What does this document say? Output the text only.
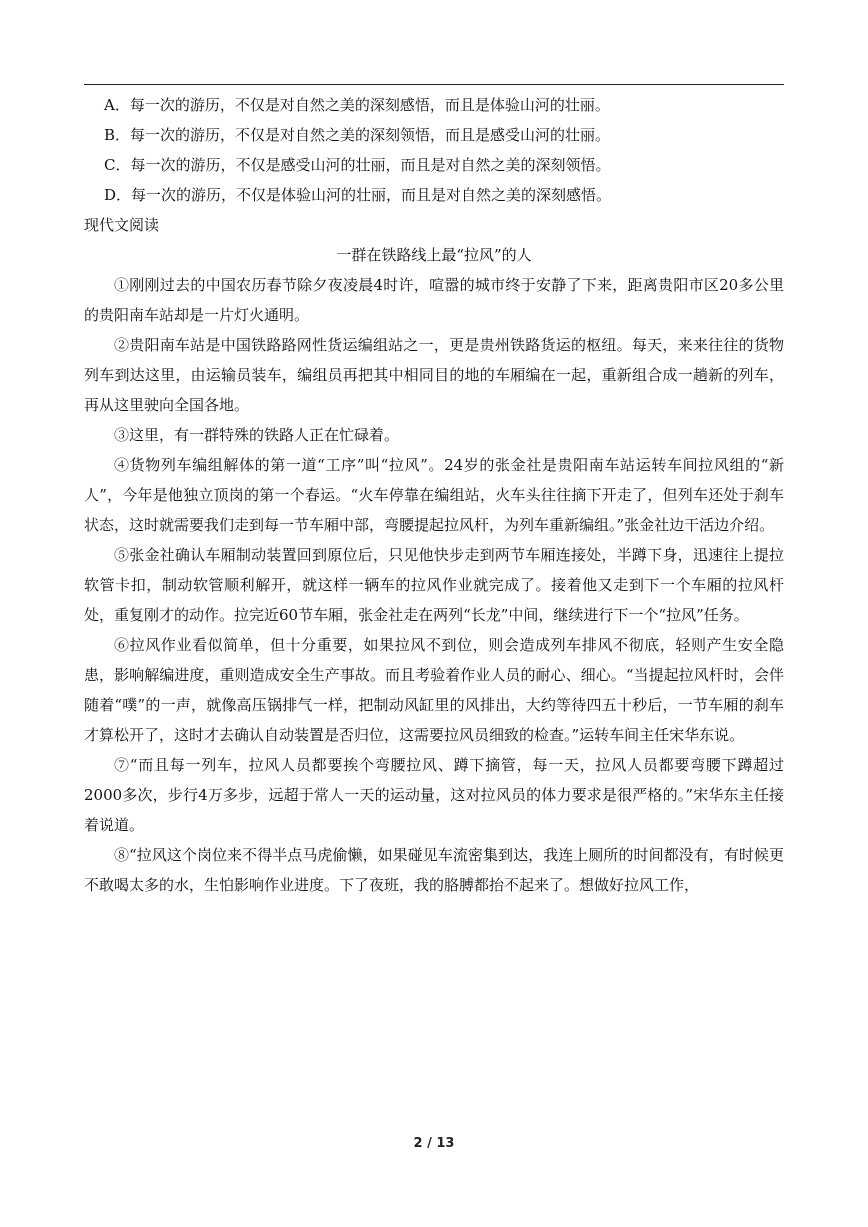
A．每一次的游历，不仅是对自然之美的深刻感悟，而且是体验山河的壮丽。
B．每一次的游历，不仅是对自然之美的深刻领悟，而且是感受山河的壮丽。
C．每一次的游历，不仅是感受山河的壮丽，而且是对自然之美的深刻领悟。
D．每一次的游历，不仅是体验山河的壮丽，而且是对自然之美的深刻感悟。
现代文阅读
一群在铁路线上最“拉风”的人
①刚刚过去的中国农历春节除夕夜凌晨4时许，喧嚣的城市终于安静了下来，距离贵阳市区20多公里的贵阳南车站却是一片灯火通明。
②贵阳南车站是中国铁路路网性货运编组站之一，更是贵州铁路货运的枢纽。每天，来来往往的货物列车到达这里，由运输员装车，编组员再把其中相同目的地的车厢编在一起，重新组合成一趟新的列车，再从这里驶向全国各地。
③这里，有一群特殊的铁路人正在忙碌着。
④货物列车编组解体的第一道“工序”叫“拉风”。24岁的张金社是贵阳南车站运转车间拉风组的“新人”，今年是他独立顶岗的第一个春运。“火车停靠在编组站，火车头往往摘下开走了，但列车还处于刹车状态，这时就需要我们走到每一节车厢中部，弯腰提起拉风杆，为列车重新编组。”张金社边干活边介绍。
⑤张金社确认车厢制动装置回到原位后，只见他快步走到两节车厢连接处，半蹲下身，迅速往上提拉软管卡扣，制动软管顺利解开，就这样一辆车的拉风作业就完成了。接着他又走到下一个车厢的拉风杆处，重复刚才的动作。拉完近60节车厢，张金社走在两列“长龙”中间，继续进行下一个“拉风”任务。
⑥拉风作业看似简单，但十分重要，如果拉风不到位，则会造成列车排风不彻底，轻则产生安全隐患，影响解编进度，重则造成安全生产事故。而且考验着作业人员的耐心、细心。“当提起拉风杆时，会伴随着“噗”的一声，就像高压锅排气一样，把制动风缸里的风排出，大约等待四五十秒后，一节车厢的刹车才算松开了，这时才去确认自动装置是否归位，这需要拉风员细致的检查。”运转车间主任宋华东说。
⑦“而且每一列车，拉风人员都要挨个弯腰拉风、蹲下摘管，每一天，拉风人员都要弯腰下蹲超过2000多次，步行4万多步，远超于常人一天的运动量，这对拉风员的体力要求是很严格的。”宋华东主任接着说道。
⑧“拉风这个岗位来不得半点马虎偷懒，如果碰见车流密集到达，我连上厕所的时间都没有，有时候更不敢喝太多的水，生怕影响作业进度。下了夜班，我的胳膊都抬不起来了。想做好拉风工作，
2 / 13
